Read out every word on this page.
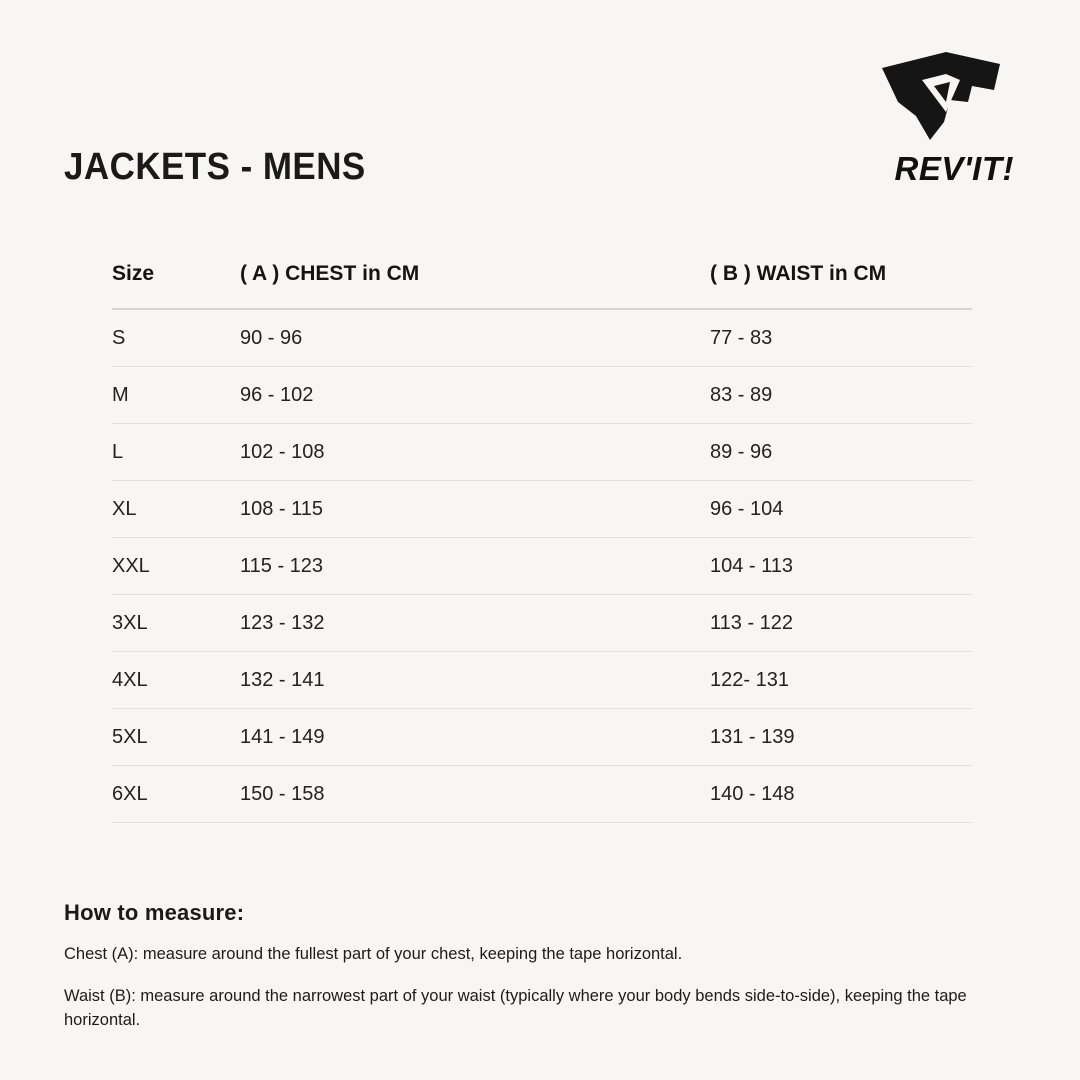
JACKETS - MENS	REV'IT!
Size	( A ) CHEST in CM	( B ) WAIST in CM
S	90 - 96	77 - 83
M	96 - 102	83 - 89
L	102 - 108	89 - 96
XL	108 - 115	96 - 104
XXL	115 - 123	104 - 113
3XL	123 - 132	113 - 122
4XL	132 - 141	122- 131
5XL	141 - 149	131 - 139
6XL	150 - 158	140 - 148
How to measure:

Chest (A): measure around the fullest part of your chest, keeping the tape horizontal.

Waist (B): measure around the narrowest part of your waist (typically where your body bends side-to-side), keeping the tape horizontal.
